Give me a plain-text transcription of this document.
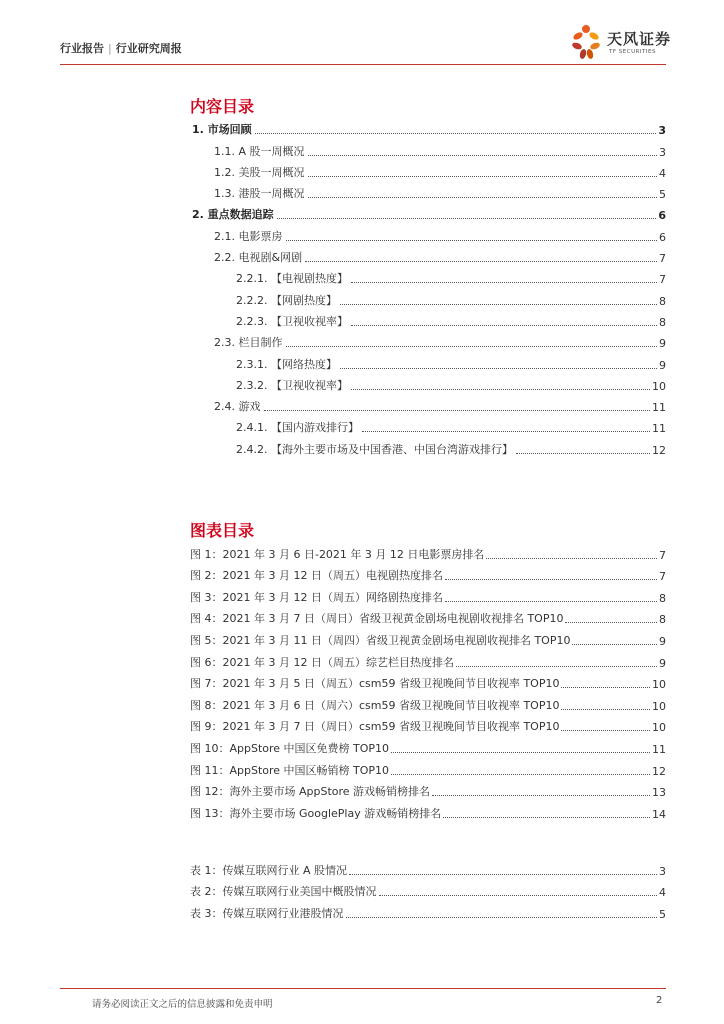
行业报告 | 行业研究周报
天风证券
TF SECURITIES
内容目录
1. 市场回顾	3
1.1. A 股一周概况	3
1.2. 美股一周概况	4
1.3. 港股一周概况	5
2. 重点数据追踪	6
2.1. 电影票房	6
2.2. 电视剧&网剧	7
2.2.1. 【电视剧热度】	7
2.2.2. 【网剧热度】	8
2.2.3. 【卫视收视率】	8
2.3. 栏目制作	9
2.3.1. 【网络热度】	9
2.3.2. 【卫视收视率】	10
2.4. 游戏	11
2.4.1. 【国内游戏排行】	11
2.4.2. 【海外主要市场及中国香港、中国台湾游戏排行】	12
图表目录
图 1：2021 年 3 月 6 日-2021 年 3 月 12 日电影票房排名	7
图 2：2021 年 3 月 12 日（周五）电视剧热度排名	7
图 3：2021 年 3 月 12 日（周五）网络剧热度排名	8
图 4：2021 年 3 月 7 日（周日）省级卫视黄金剧场电视剧收视排名 TOP10	8
图 5：2021 年 3 月 11 日（周四）省级卫视黄金剧场电视剧收视排名 TOP10	9
图 6：2021 年 3 月 12 日（周五）综艺栏目热度排名	9
图 7：2021 年 3 月 5 日（周五）csm59 省级卫视晚间节目收视率 TOP10	10
图 8：2021 年 3 月 6 日（周六）csm59 省级卫视晚间节目收视率 TOP10	10
图 9：2021 年 3 月 7 日（周日）csm59 省级卫视晚间节目收视率 TOP10	10
图 10：AppStore 中国区免费榜 TOP10	11
图 11：AppStore 中国区畅销榜 TOP10	12
图 12：海外主要市场 AppStore 游戏畅销榜排名	13
图 13：海外主要市场 GooglePlay 游戏畅销榜排名	14
表 1：传媒互联网行业 A 股情况	3
表 2：传媒互联网行业美国中概股情况	4
表 3：传媒互联网行业港股情况	5
请务必阅读正文之后的信息披露和免责申明	2
